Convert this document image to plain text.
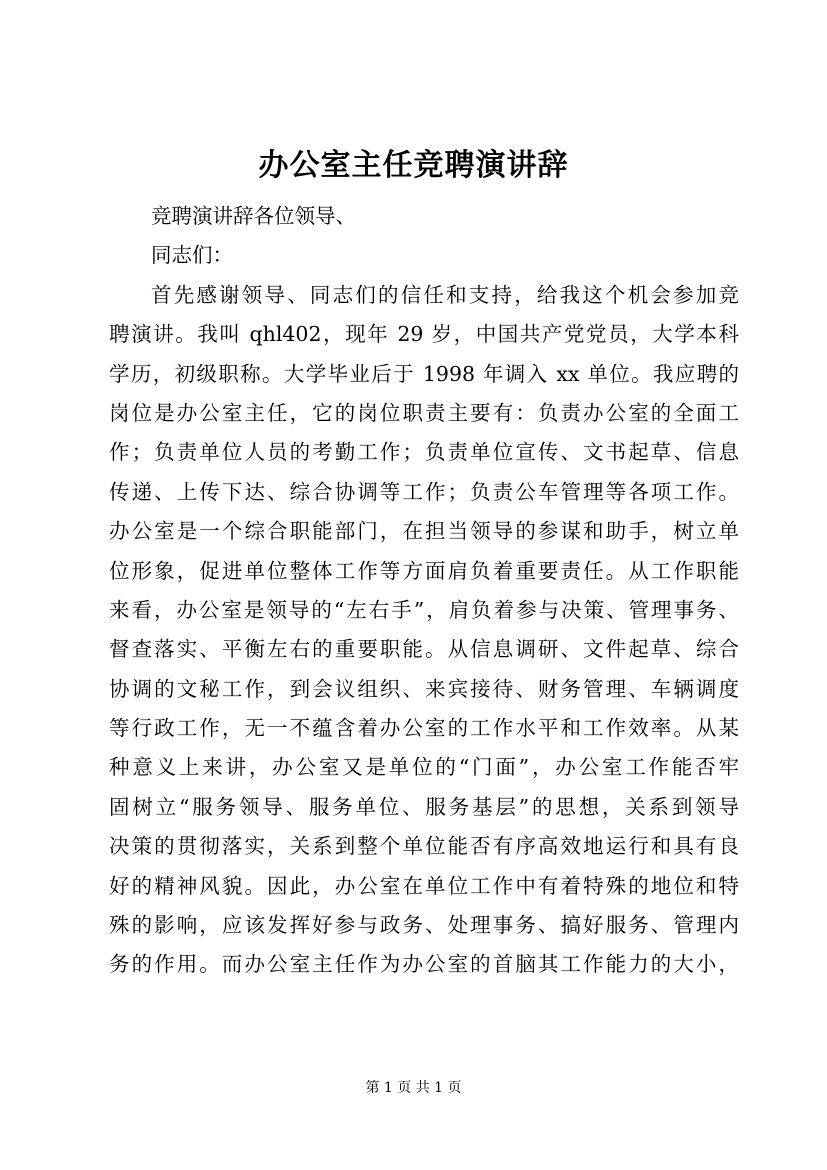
办公室主任竞聘演讲辞
竞聘演讲辞各位领导、
同志们：
首先感谢领导、同志们的信任和支持，给我这个机会参加竞
聘演讲。我叫 qhl402，现年 29 岁，中国共产党党员，大学本科
学历，初级职称。大学毕业后于 1998 年调入 xx 单位。我应聘的
岗位是办公室主任，它的岗位职责主要有：负责办公室的全面工
作；负责单位人员的考勤工作；负责单位宣传、文书起草、信息
传递、上传下达、综合协调等工作；负责公车管理等各项工作。
办公室是一个综合职能部门，在担当领导的参谋和助手，树立单
位形象，促进单位整体工作等方面肩负着重要责任。从工作职能
来看，办公室是领导的“左右手”，肩负着参与决策、管理事务、
督查落实、平衡左右的重要职能。从信息调研、文件起草、综合
协调的文秘工作，到会议组织、来宾接待、财务管理、车辆调度
等行政工作，无一不蕴含着办公室的工作水平和工作效率。从某
种意义上来讲，办公室又是单位的“门面”，办公室工作能否牢
固树立“服务领导、服务单位、服务基层”的思想，关系到领导
决策的贯彻落实，关系到整个单位能否有序高效地运行和具有良
好的精神风貌。因此，办公室在单位工作中有着特殊的地位和特
殊的影响，应该发挥好参与政务、处理事务、搞好服务、管理内
务的作用。而办公室主任作为办公室的首脑其工作能力的大小，
第 1 页 共 1 页
